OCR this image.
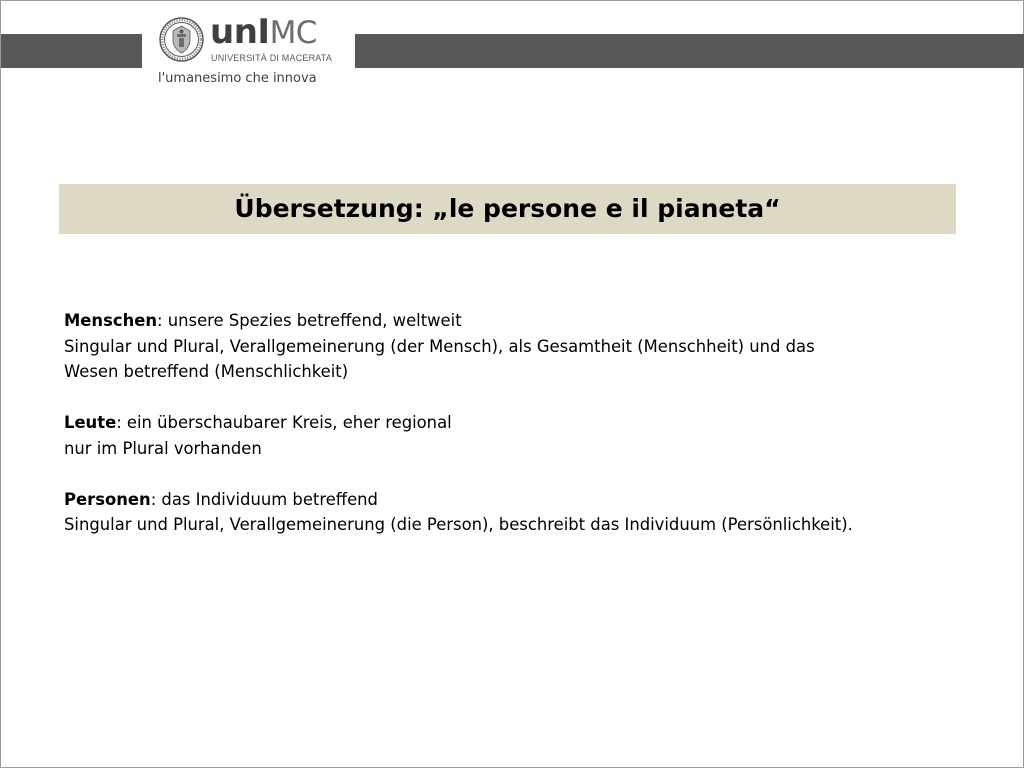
unIMC
UNIVERSITÀ DI MACERATA
l'umanesimo che innova
Übersetzung: „le persone e il pianeta“
Menschen: unsere Spezies betreffend, weltweit
Singular und Plural, Verallgemeinerung (der Mensch), als Gesamtheit (Menschheit) und das
Wesen betreffend (Menschlichkeit)
Leute: ein überschaubarer Kreis, eher regional
nur im Plural vorhanden
Personen: das Individuum betreffend
Singular und Plural, Verallgemeinerung (die Person), beschreibt das Individuum (Persönlichkeit).
